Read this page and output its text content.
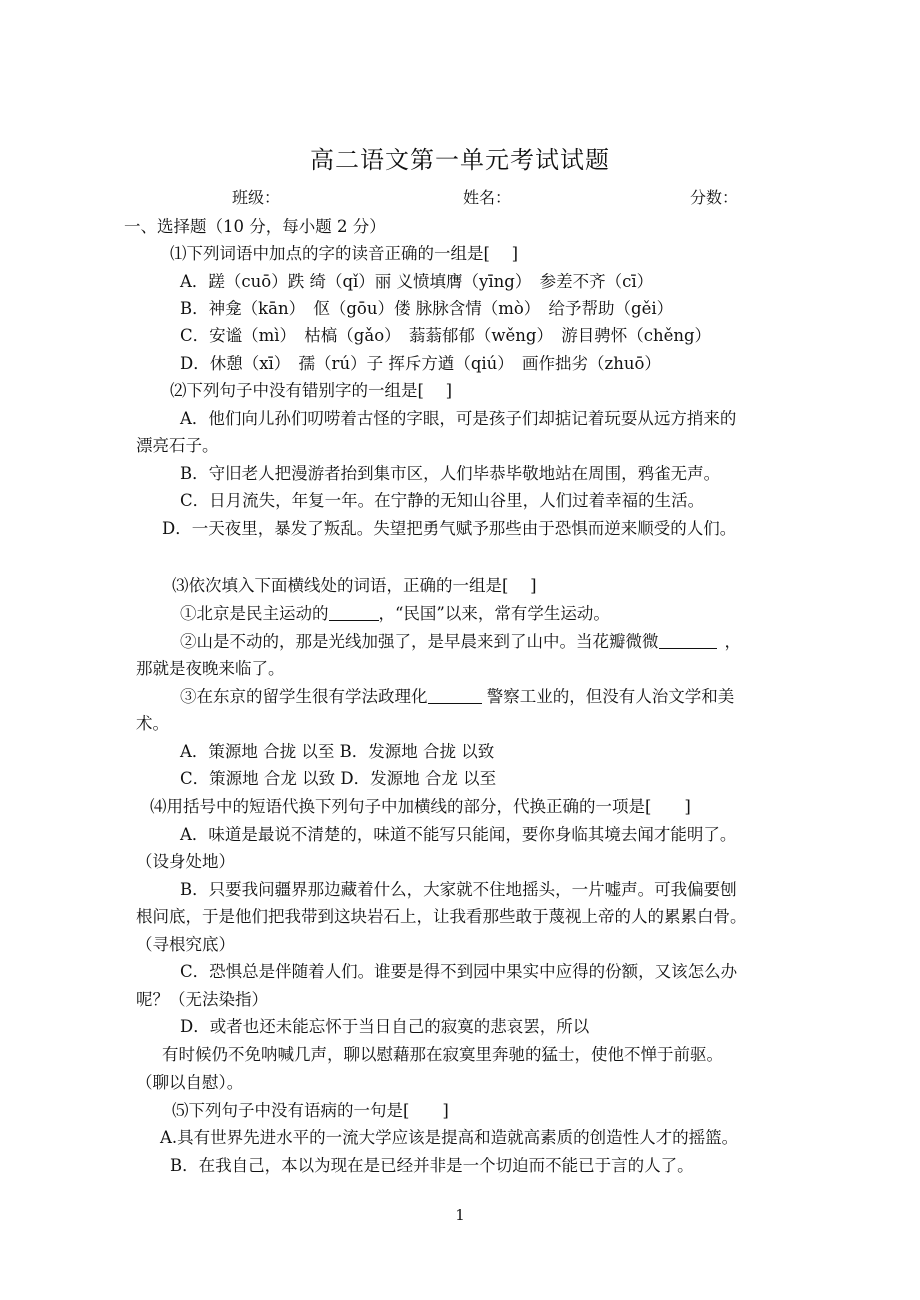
高二语文第一单元考试试题
班级：	姓名：	分数：
一、选择题（10 分，每小题 2 分）
⑴下列词语中加点的字的读音正确的一组是[　 ]
A．蹉（cuō）跌 绮（qǐ）丽 义愤填膺（yīng）　参差不齐（cī）
B．神龛（kān）　伛（gōu）偻 脉脉含情（mò）　给予帮助（gěi）
C．安谧（mì）　枯槁（gǎo）　蓊蓊郁郁（wěng）　游目骋怀（chěng）
D．休憩（xī）　孺（rú）子 挥斥方遒（qiú）　画作拙劣（zhuō）
⑵下列句子中没有错别字的一组是[　 ]
A．他们向儿孙们叨唠着古怪的字眼，可是孩子们却掂记着玩耍从远方捎来的
漂亮石子。
B．守旧老人把漫游者抬到集市区，人们毕恭毕敬地站在周围，鸦雀无声。
C．日月流失，年复一年。在宁静的无知山谷里，人们过着幸福的生活。
D．一天夜里，暴发了叛乱。失望把勇气赋予那些由于恐惧而逆来顺受的人们。
⑶依次填入下面横线处的词语，正确的一组是[　 ]
①北京是民主运动的	，“民国”以来，常有学生运动。
②山是不动的，那是光线加强了，是早晨来到了山中。当花瓣微微	，
那就是夜晚来临了。
③在东京的留学生很有学法政理化	警察工业的，但没有人治文学和美
术。
A．策源地 合拢 以至 B．发源地 合拢 以致
C．策源地 合龙 以致 D．发源地 合龙 以至
⑷用括号中的短语代换下列句子中加横线的部分，代换正确的一项是[　　]
A．味道是最说不清楚的，味道不能写只能闻，要你身临其境去闻才能明了。
（设身处地）
B．只要我问疆界那边藏着什么，大家就不住地摇头，一片嘘声。可我偏要刨
根问底，于是他们把我带到这块岩石上，让我看那些敢于蔑视上帝的人的累累白骨。
（寻根究底）
C．恐惧总是伴随着人们。谁要是得不到园中果实中应得的份额，又该怎么办
呢？（无法染指）
D．或者也还未能忘怀于当日自己的寂寞的悲哀罢，所以
有时候仍不免呐喊几声，聊以慰藉那在寂寞里奔驰的猛士，使他不惮于前驱。
（聊以自慰）。
⑸下列句子中没有语病的一句是[　　]
A.具有世界先进水平的一流大学应该是提高和造就高素质的创造性人才的摇篮。
B．在我自己，本以为现在是已经并非是一个切迫而不能已于言的人了。
1
